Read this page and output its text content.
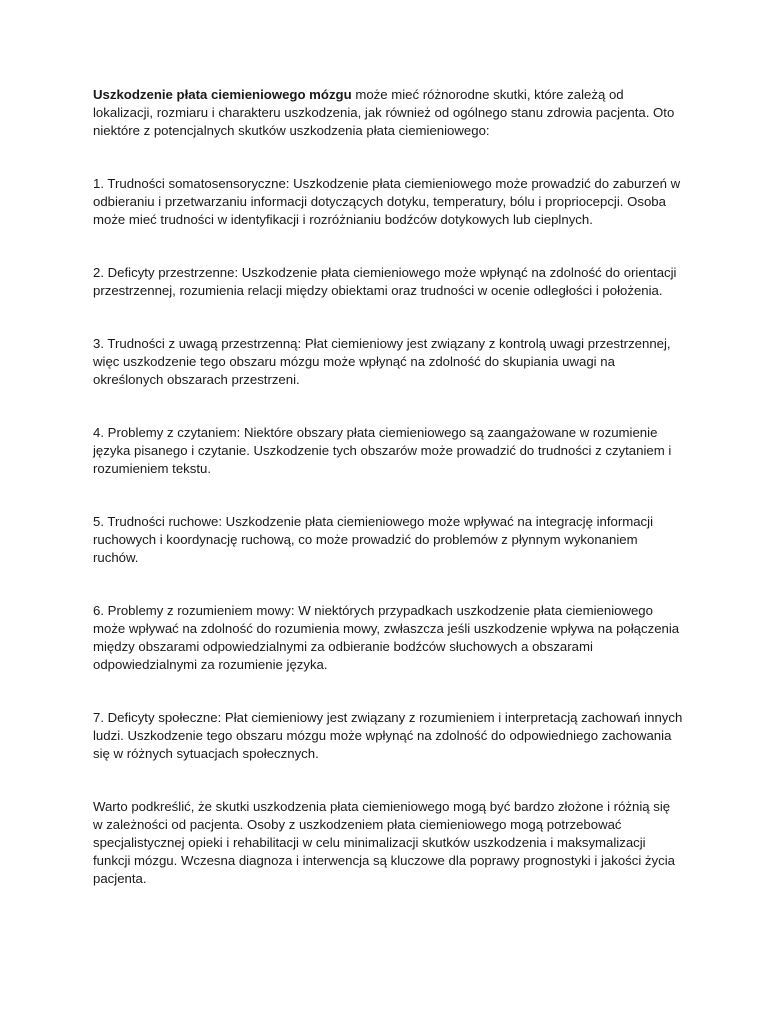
Uszkodzenie płata ciemieniowego mózgu może mieć różnorodne skutki, które zależą od lokalizacji, rozmiaru i charakteru uszkodzenia, jak również od ogólnego stanu zdrowia pacjenta. Oto niektóre z potencjalnych skutków uszkodzenia płata ciemieniowego:

1. Trudności somatosensoryczne: Uszkodzenie płata ciemieniowego może prowadzić do zaburzeń w odbieraniu i przetwarzaniu informacji dotyczących dotyku, temperatury, bólu i propriocepcji. Osoba może mieć trudności w identyfikacji i rozróżnianiu bodźców dotykowych lub cieplnych.

2. Deficyty przestrzenne: Uszkodzenie płata ciemieniowego może wpłynąć na zdolność do orientacji przestrzennej, rozumienia relacji między obiektami oraz trudności w ocenie odległości i położenia.

3. Trudności z uwagą przestrzenną: Płat ciemieniowy jest związany z kontrolą uwagi przestrzennej, więc uszkodzenie tego obszaru mózgu może wpłynąć na zdolność do skupiania uwagi na określonych obszarach przestrzeni.

4. Problemy z czytaniem: Niektóre obszary płata ciemieniowego są zaangażowane w rozumienie języka pisanego i czytanie. Uszkodzenie tych obszarów może prowadzić do trudności z czytaniem i rozumieniem tekstu.

5. Trudności ruchowe: Uszkodzenie płata ciemieniowego może wpływać na integrację informacji ruchowych i koordynację ruchową, co może prowadzić do problemów z płynnym wykonaniem ruchów.

6. Problemy z rozumieniem mowy: W niektórych przypadkach uszkodzenie płata ciemieniowego może wpływać na zdolność do rozumienia mowy, zwłaszcza jeśli uszkodzenie wpływa na połączenia między obszarami odpowiedzialnymi za odbieranie bodźców słuchowych a obszarami odpowiedzialnymi za rozumienie języka.

7. Deficyty społeczne: Płat ciemieniowy jest związany z rozumieniem i interpretacją zachowań innych ludzi. Uszkodzenie tego obszaru mózgu może wpłynąć na zdolność do odpowiedniego zachowania się w różnych sytuacjach społecznych.

Warto podkreślić, że skutki uszkodzenia płata ciemieniowego mogą być bardzo złożone i różnią się w zależności od pacjenta. Osoby z uszkodzeniem płata ciemieniowego mogą potrzebować specjalistycznej opieki i rehabilitacji w celu minimalizacji skutków uszkodzenia i maksymalizacji funkcji mózgu. Wczesna diagnoza i interwencja są kluczowe dla poprawy prognostyki i jakości życia pacjenta.
